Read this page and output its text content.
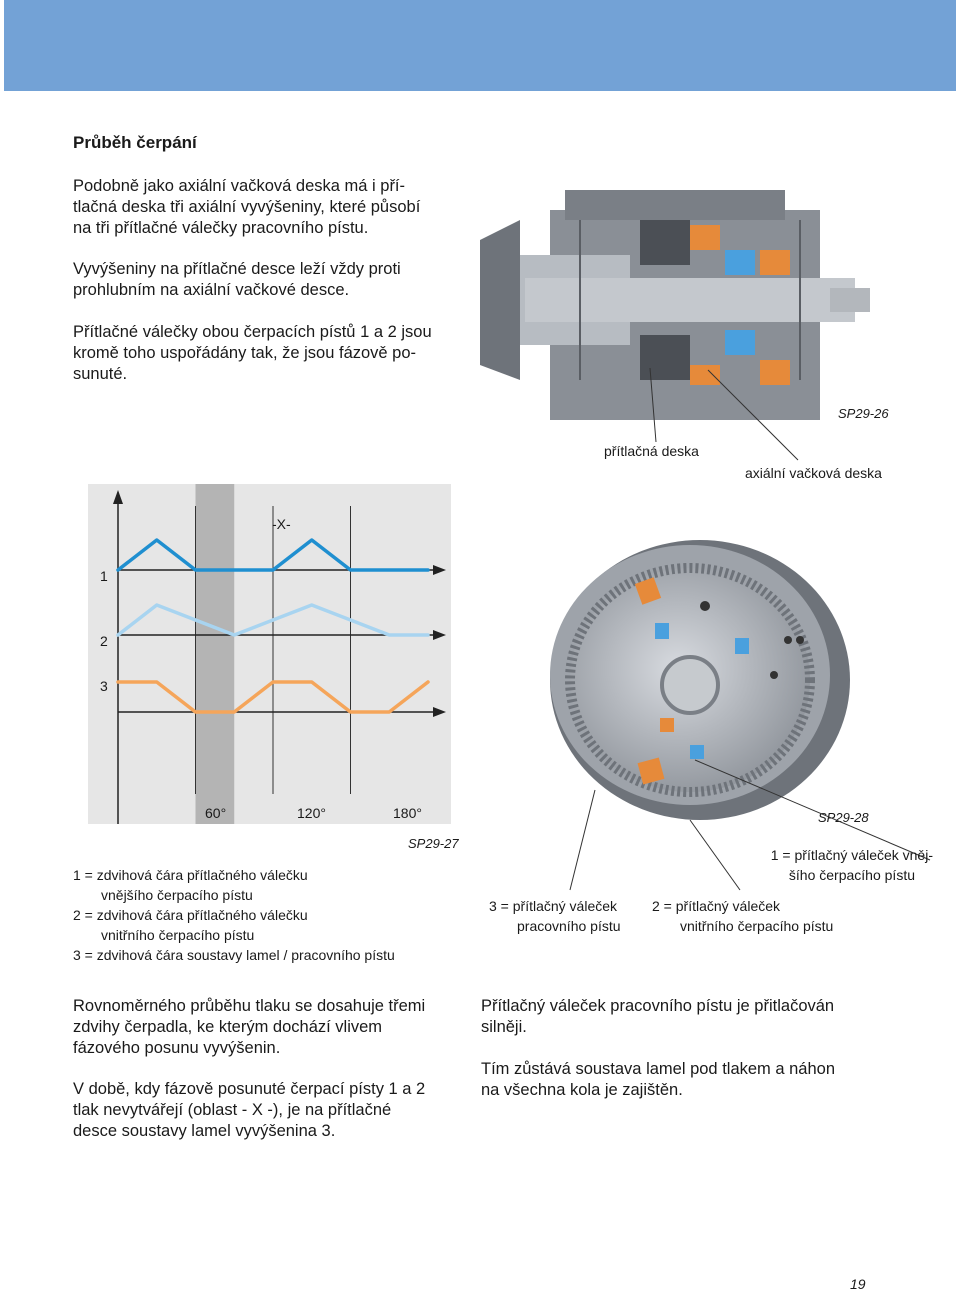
Průběh čerpání

Podobně jako axiální vačková deska má i pří-
tlačná deska tři axiální vyvýšeniny, které působí
na tři přítlačné válečky pracovního pístu.

Vyvýšeniny na přítlačné desce leží vždy proti
prohlubním na axiální vačkové desce.

Přítlačné válečky obou čerpacích pístů 1 a 2 jsou
kromě toho uspořádány tak, že jsou fázově po-
sunuté.

SP29-26
přítlačná deska
axiální vačková deska
-X-
1
2
3
60°	120°	180°
SP29-27
1 = zdvihová čára přítlačného válečku
vnějšího čerpacího pístu
2 = zdvihová čára přítlačného válečku
vnitřního čerpacího pístu
3 = zdvihová čára soustavy lamel / pracovního pístu
SP29-28
1 = přítlačný váleček vněj-
šího čerpacího pístu
2 = přítlačný váleček
vnitřního čerpacího pístu
3 = přítlačný váleček
pracovního pístu

Rovnoměrného průběhu tlaku se dosahuje třemi
zdvihy čerpadla, ke kterým dochází vlivem
fázového posunu vyvýšenin.

V době, kdy fázově posunuté čerpací písty 1 a 2
tlak nevytvářejí (oblast - X -), je na přítlačné
desce soustavy lamel vyvýšenina 3.

Přítlačný váleček pracovního pístu je přitlačován
silněji.

Tím zůstává soustava lamel pod tlakem a náhon
na všechna kola je zajištěn.

19
